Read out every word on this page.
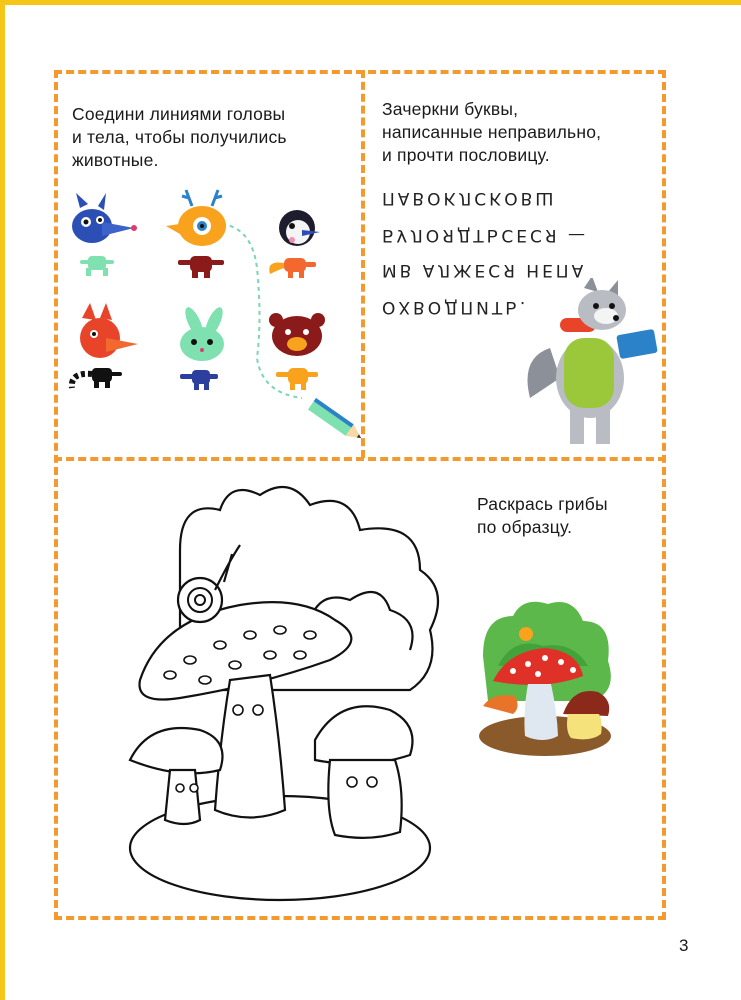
Соедини линиями головы
и тела, чтобы получились
животные.
Зачеркни буквы,
написанные неправильно,
и прочти пословицу.
ПАВОКЛСКОВШ
БУЛОЯДТЬСЕСЯ —
МВ АЛЖЕСЯ НЕПА
ОХВОДПИТЬ.
Раскрась грибы
по образцу.
3
